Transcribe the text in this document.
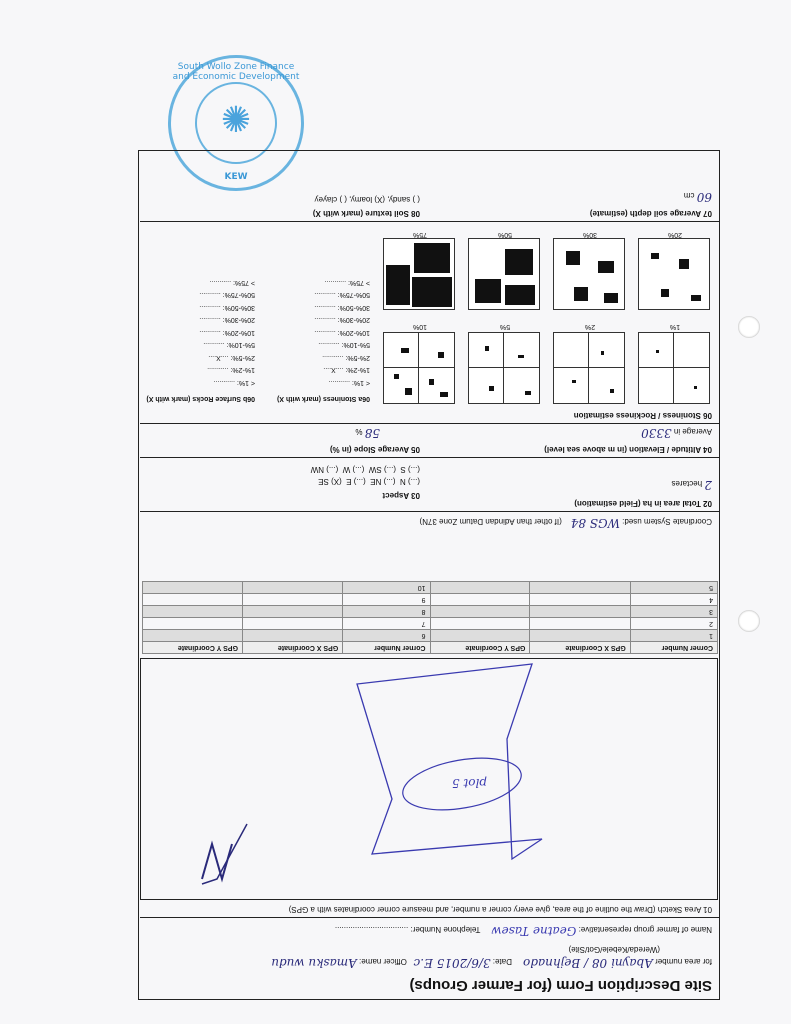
South Wollo Zone Finance and Economic Development
✺
KEW
Site Description Form (for Farmer Groups)
for area number Abayni 08 / Bejhnado     Date: 3/6/2015 E.c   Officer name: Amasku wudu
(Wereda/Kebele/Got/Site)
Name of farmer group representative: Geatne Tasew     Telephone Number: .................................
01 Area Sketch (Draw the outline of the area, give every corner a number, and measure corner coordinates with a GPS)
plot 5
Corner Number	GPS X Coordinate	GPS Y Coordinate	Corner Number	GPS X Coordinate	GPS Y Coordinate
1			6		
2			7		
3			8		
4			9		
5			10		
Coordinate System used: WGS 84    (If other than Adindan Datum Zone 37N)
02 Total area in ha (Field estimation)
2 hectares
03 Aspect
(...) N  (...) NE  (...) E  (X) SE
(...) S  (...) SW  (...) W  (...) NW
04 Altitude / Elevation (in m above sea level)
Average in 3330
05 Average Slope (in %)
58 %
06 Stoniness / Rockiness estimation
1%
2%
5%
10%
20%
30%
50%
75%
06a Stoniness (mark with X)
< 1%: ...........
1%-2%: ....X....
2%-5%: ...........
5%-10%: ...........
10%-20%: ...........
20%-30%: ...........
30%-50%: ...........
50%-75%: ...........
> 75%: ...........
06b Surface Rocks (mark with X)
< 1%: ...........
1%-2%: ...........
2%-5%: ....X....
5%-10%: ...........
10%-20%: ...........
20%-30%: ...........
30%-50%: ...........
50%-75%: ...........
> 75%: ...........
07 Average soil depth (estimate)
60 cm
08 Soil texture (mark with X)
( ) sandy, (X) loamy, ( ) clayey
